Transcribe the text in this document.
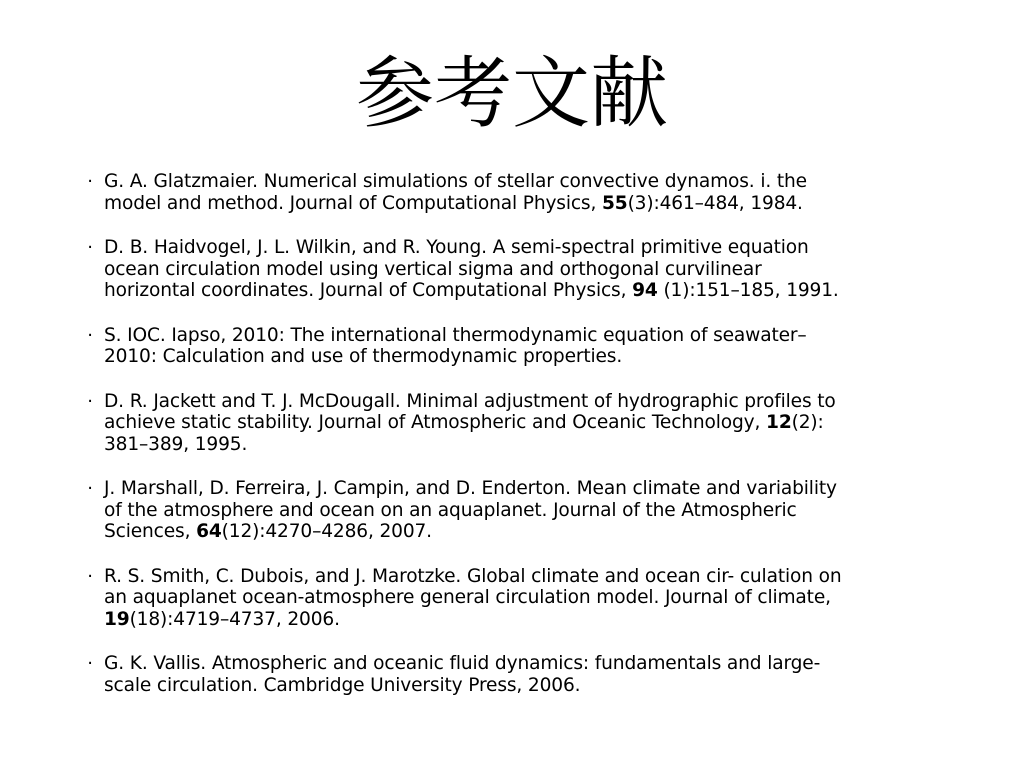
参考文献
· G. A. Glatzmaier. Numerical simulations of stellar convective dynamos. i. the
model and method. Journal of Computational Physics, 55(3):461–484, 1984.
· D. B. Haidvogel, J. L. Wilkin, and R. Young. A semi-spectral primitive equation
ocean circulation model using vertical sigma and orthogonal curvilinear
horizontal coordinates. Journal of Computational Physics, 94 (1):151–185, 1991.
· S. IOC. Iapso, 2010: The international thermodynamic equation of seawater–
2010: Calculation and use of thermodynamic properties.
· D. R. Jackett and T. J. McDougall. Minimal adjustment of hydrographic profiles to
achieve static stability. Journal of Atmospheric and Oceanic Technology, 12(2):
381–389, 1995.
· J. Marshall, D. Ferreira, J. Campin, and D. Enderton. Mean climate and variability
of the atmosphere and ocean on an aquaplanet. Journal of the Atmospheric
Sciences, 64(12):4270–4286, 2007.
· R. S. Smith, C. Dubois, and J. Marotzke. Global climate and ocean cir- culation on
an aquaplanet ocean-atmosphere general circulation model. Journal of climate,
19(18):4719–4737, 2006.
· G. K. Vallis. Atmospheric and oceanic fluid dynamics: fundamentals and large-
scale circulation. Cambridge University Press, 2006.
